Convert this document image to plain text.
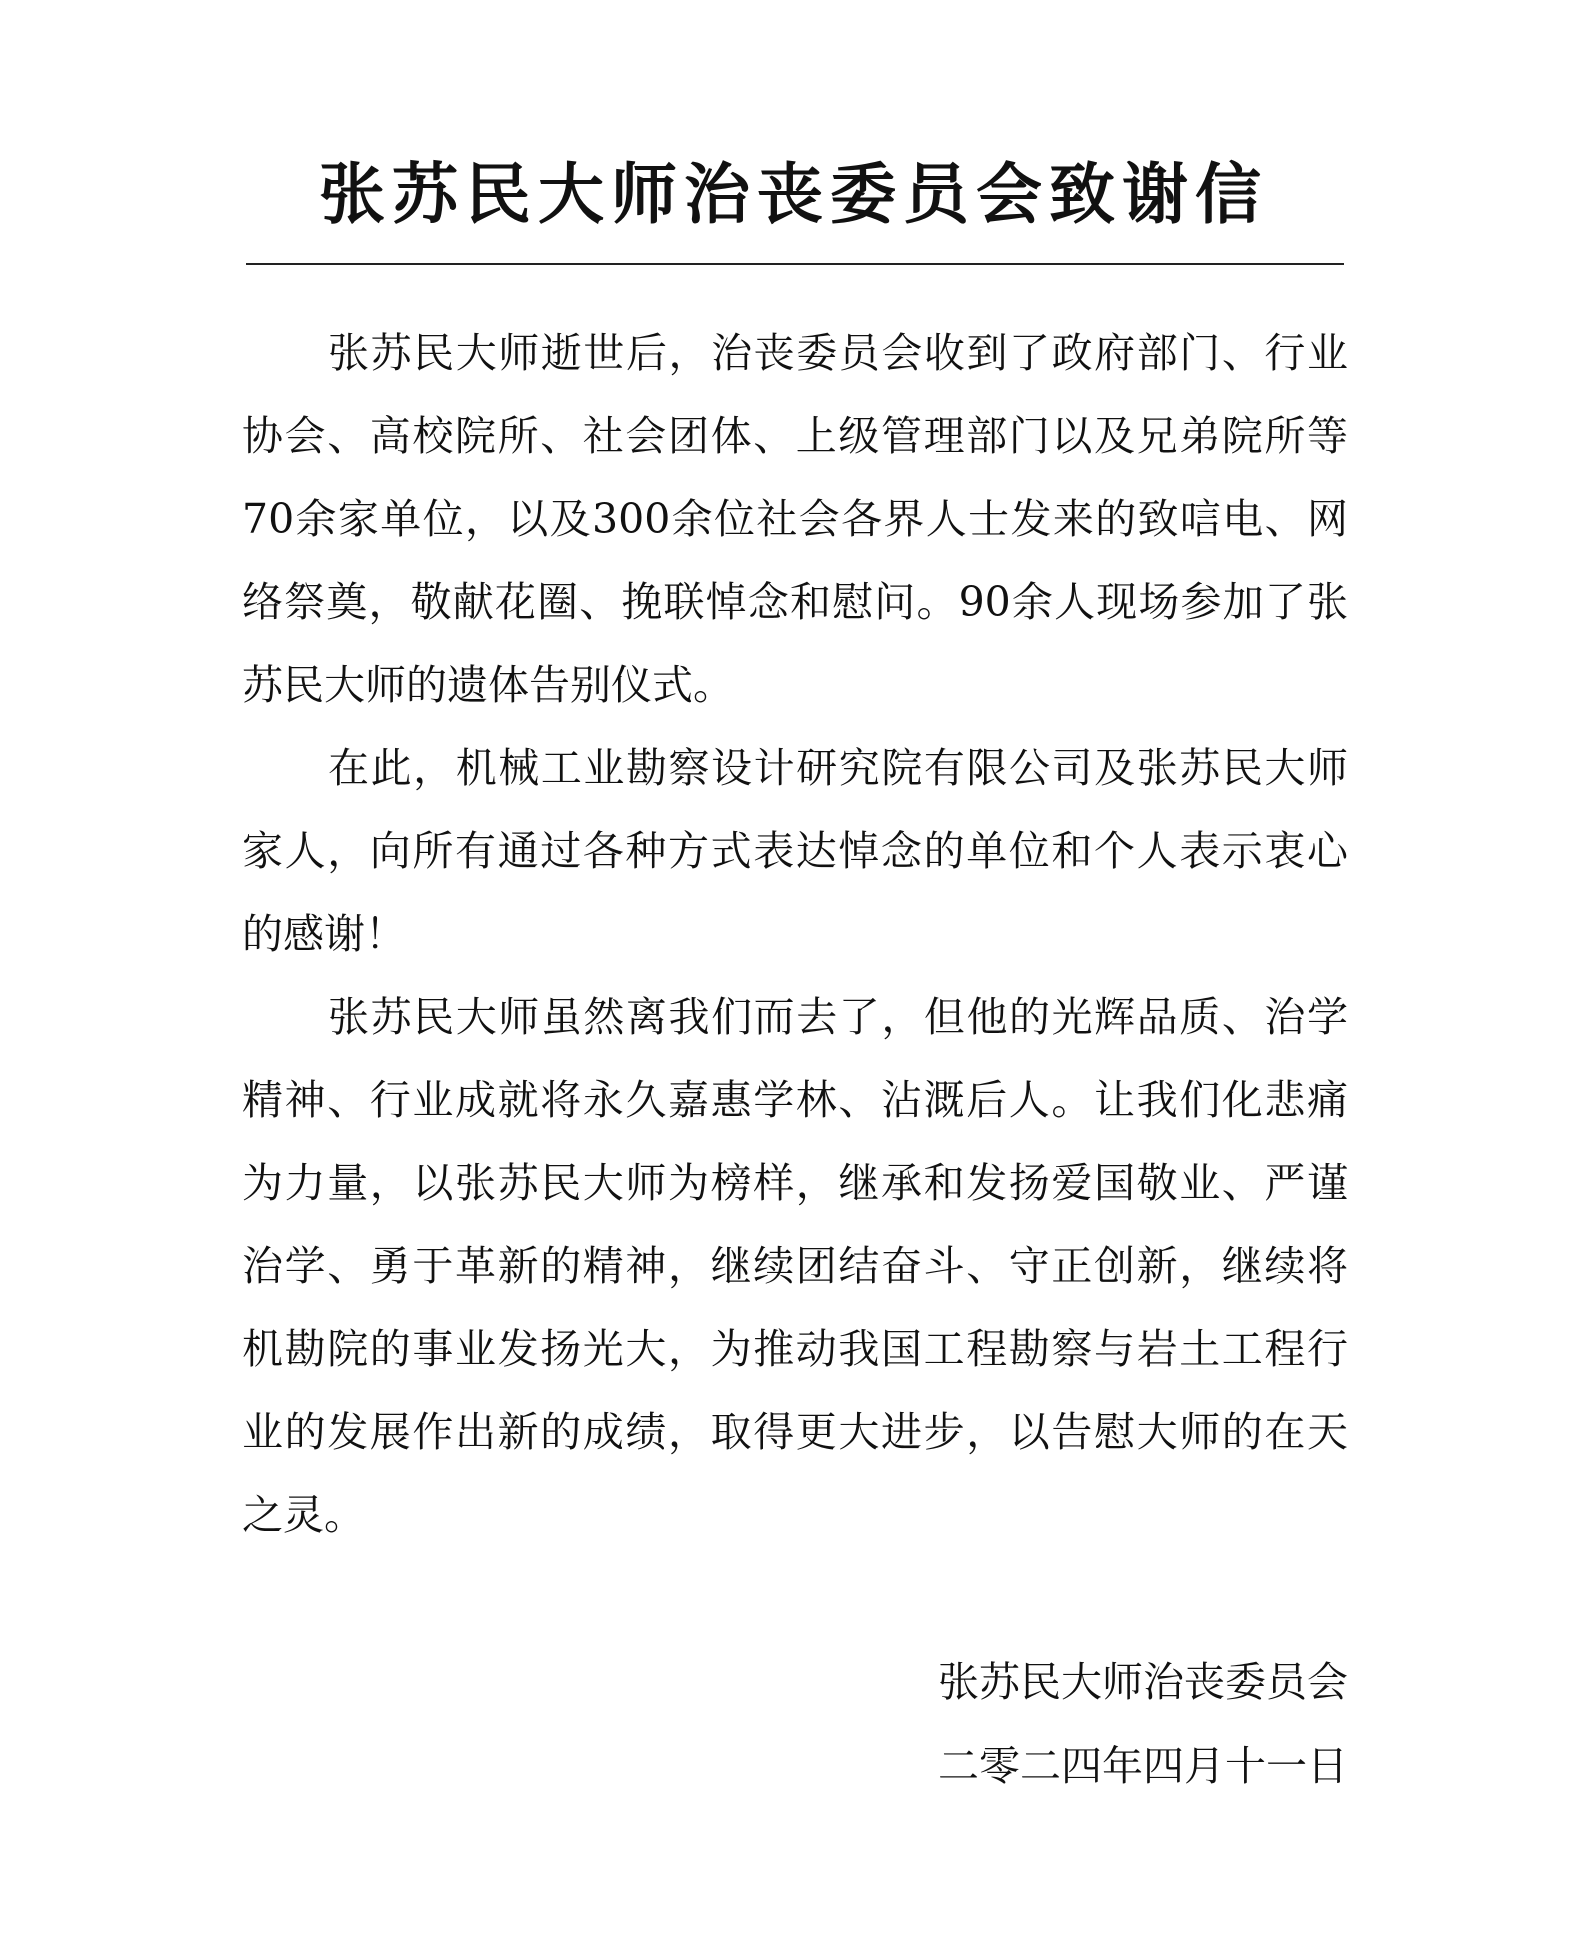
张苏民大师治丧委员会致谢信

张苏民大师逝世后，治丧委员会收到了政府部门、行业协会、高校院所、社会团体、上级管理部门以及兄弟院所等70余家单位，以及300余位社会各界人士发来的致唁电、网络祭奠，敬献花圈、挽联悼念和慰问。90余人现场参加了张苏民大师的遗体告别仪式。

在此，机械工业勘察设计研究院有限公司及张苏民大师家人，向所有通过各种方式表达悼念的单位和个人表示衷心的感谢！

张苏民大师虽然离我们而去了，但他的光辉品质、治学精神、行业成就将永久嘉惠学林、沾溉后人。让我们化悲痛为力量，以张苏民大师为榜样，继承和发扬爱国敬业、严谨治学、勇于革新的精神，继续团结奋斗、守正创新，继续将机勘院的事业发扬光大，为推动我国工程勘察与岩土工程行业的发展作出新的成绩，取得更大进步，以告慰大师的在天之灵。

张苏民大师治丧委员会

二零二四年四月十一日
